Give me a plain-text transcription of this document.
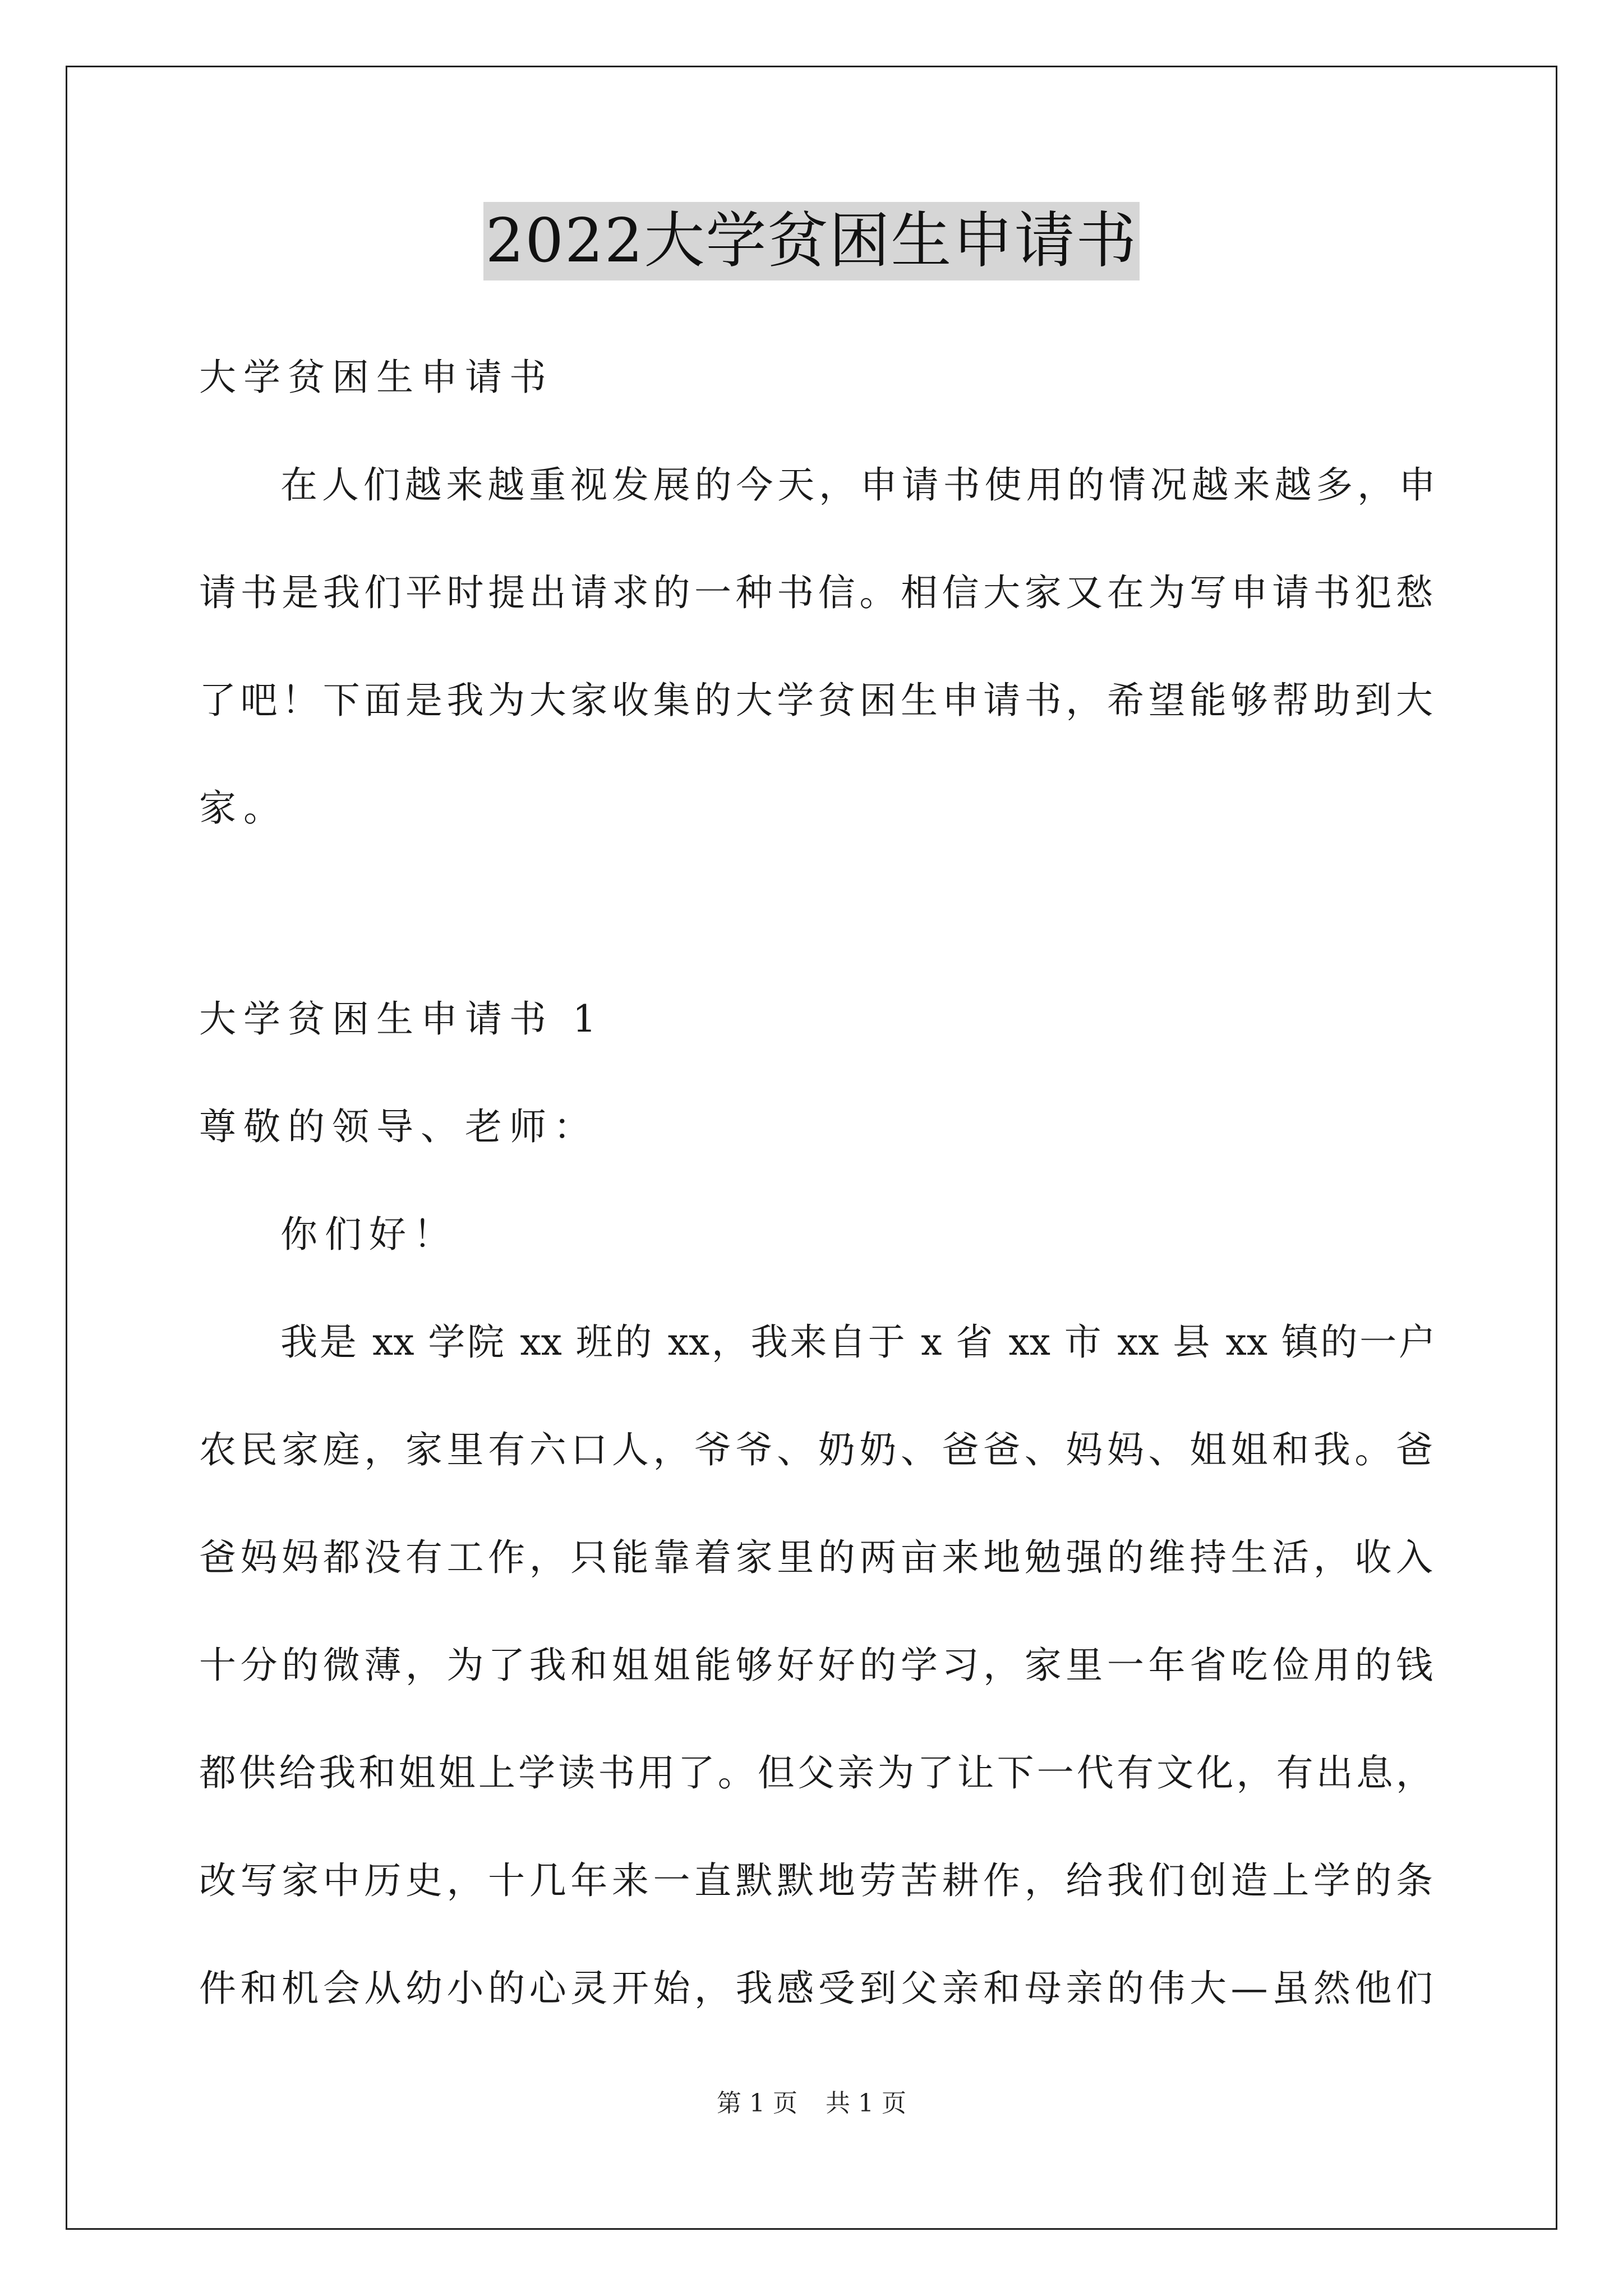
2022大学贫困生申请书
大学贫困生申请书
在人们越来越重视发展的今天，申请书使用的情况越来越多，申
请书是我们平时提出请求的一种书信。相信大家又在为写申请书犯愁
了吧！下面是我为大家收集的大学贫困生申请书，希望能够帮助到大
家。
大学贫困生申请书 1
尊敬的领导、老师：
你们好！
我是 xx 学院 xx 班的 xx，我来自于 x 省 xx 市 xx 县 xx 镇的一户
农民家庭，家里有六口人，爷爷、奶奶、爸爸、妈妈、姐姐和我。爸
爸妈妈都没有工作，只能靠着家里的两亩来地勉强的维持生活，收入
十分的微薄，为了我和姐姐能够好好的学习，家里一年省吃俭用的钱
都供给我和姐姐上学读书用了。但父亲为了让下一代有文化，有出息，
改写家中历史，十几年来一直默默地劳苦耕作，给我们创造上学的条
件和机会从幼小的心灵开始，我感受到父亲和母亲的伟大—虽然他们
第 1 页 共 1 页
